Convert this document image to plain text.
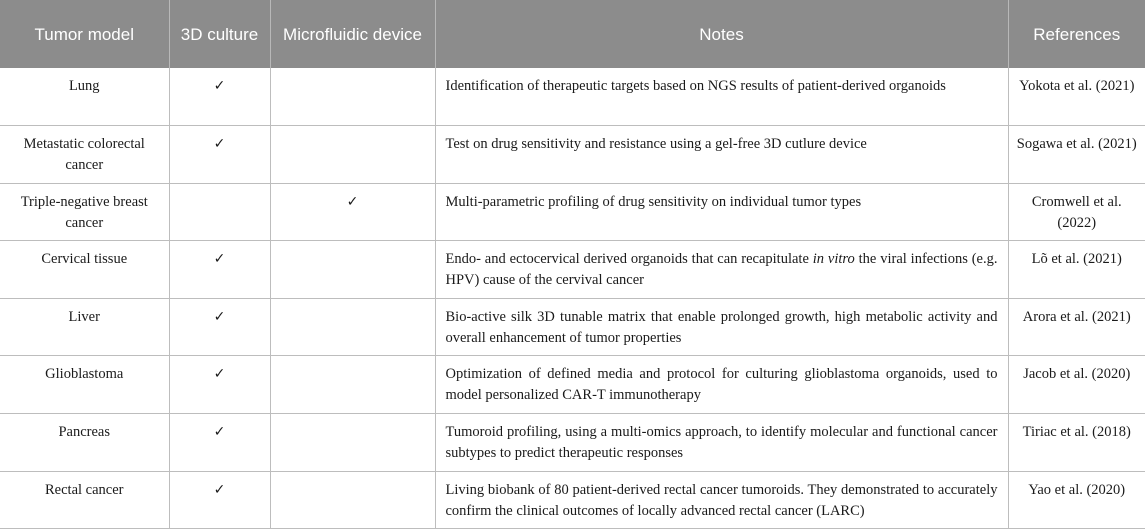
Tumor model	3D culture	Microfluidic device	Notes	References
Lung	✓		Identification of therapeutic targets based on NGS results of patient-derived organoids	Yokota et al. (2021)
Metastatic colorectal cancer	✓		Test on drug sensitivity and resistance using a gel-free 3D cutlure device	Sogawa et al. (2021)
Triple-negative breast cancer		✓	Multi-parametric profiling of drug sensitivity on individual tumor types	Cromwell et al. (2022)
Cervical tissue	✓		Endo- and ectocervical derived organoids that can recapitulate in vitro the viral infections (e.g. HPV) cause of the cervival cancer	Lõ et al. (2021)
Liver	✓		Bio-active silk 3D tunable matrix that enable prolonged growth, high metabolic activity and overall enhancement of tumor properties	Arora et al. (2021)
Glioblastoma	✓		Optimization of defined media and protocol for culturing glioblastoma organoids, used to model personalized CAR-T immunotherapy	Jacob et al. (2020)
Pancreas	✓		Tumoroid profiling, using a multi-omics approach, to identify molecular and functional cancer subtypes to predict therapeutic responses	Tiriac et al. (2018)
Rectal cancer	✓		Living biobank of 80 patient-derived rectal cancer tumoroids. They demonstrated to accurately confirm the clinical outcomes of locally advanced rectal cancer (LARC)	Yao et al. (2020)
